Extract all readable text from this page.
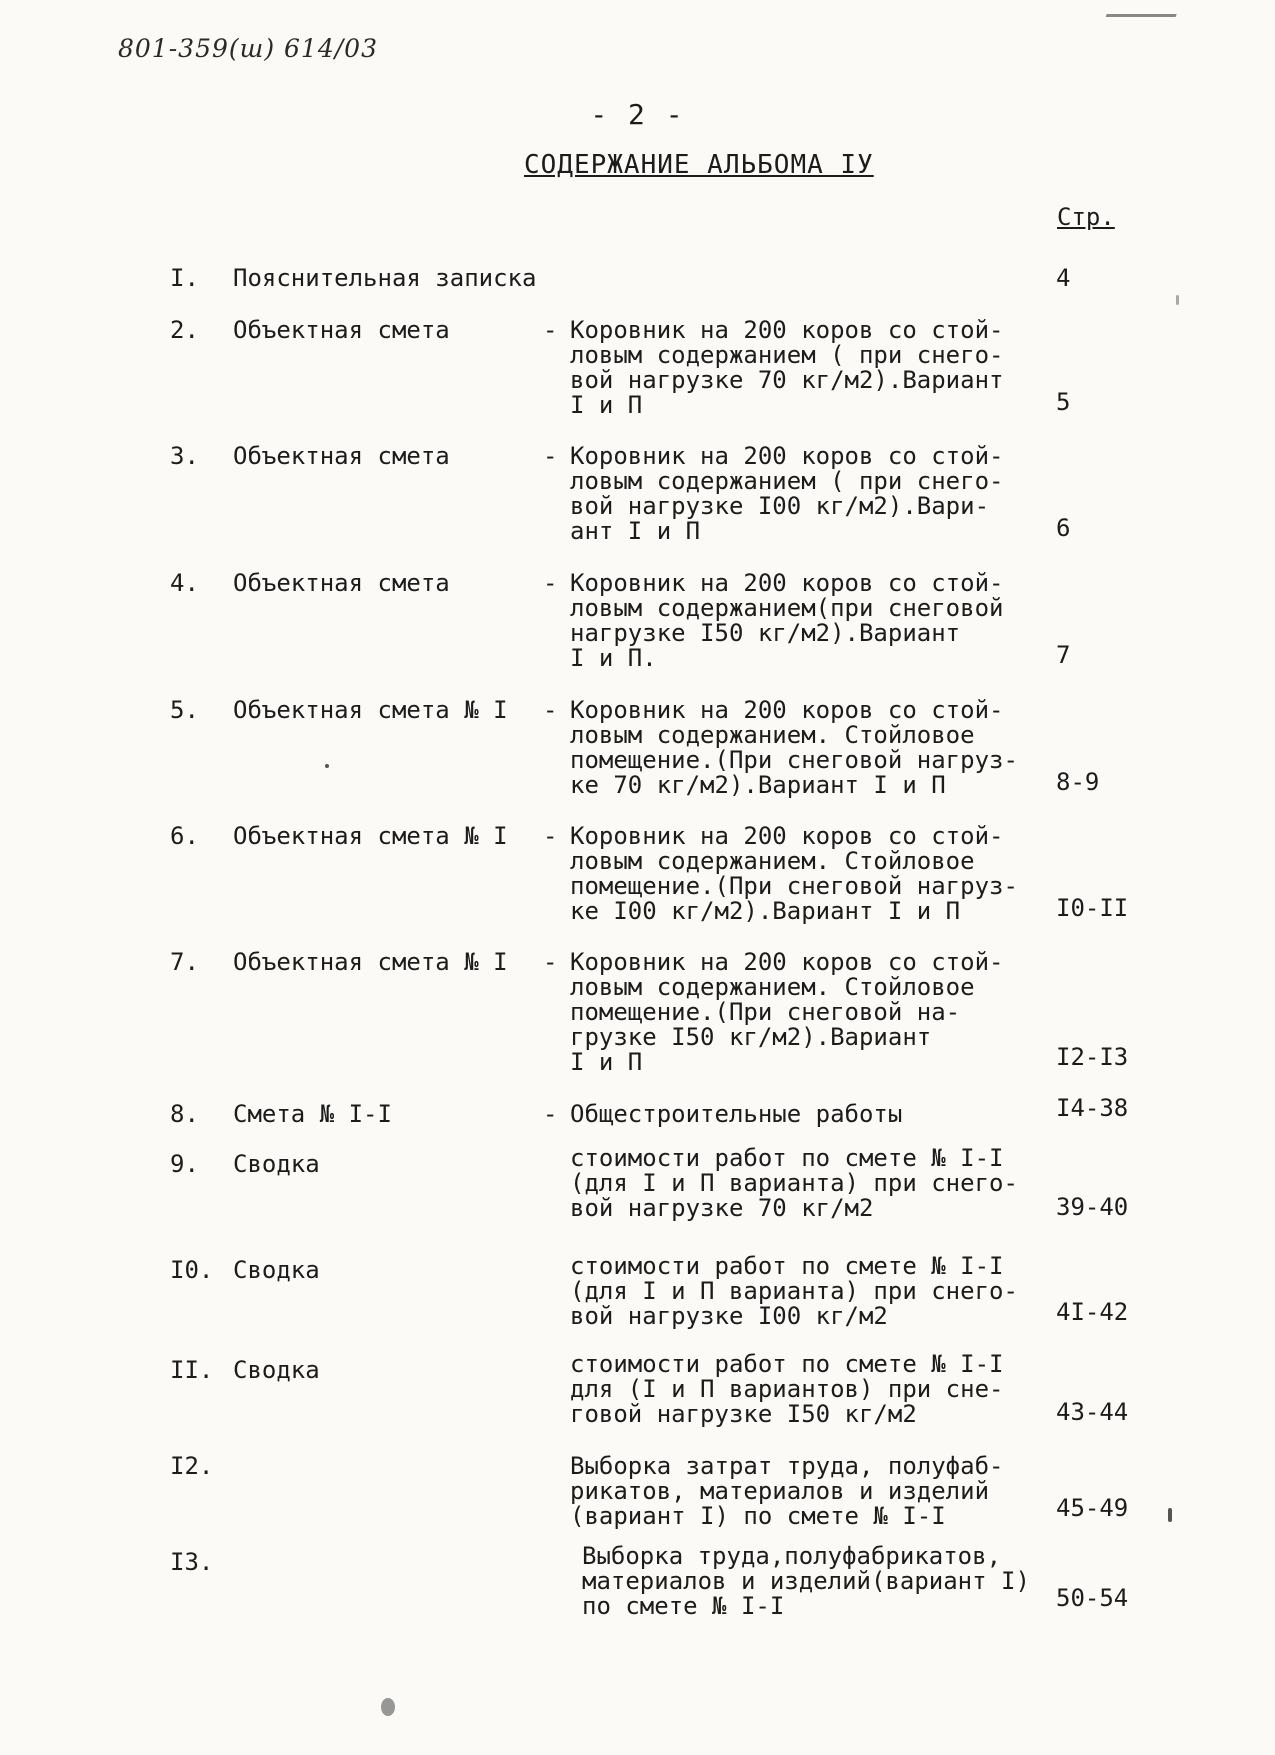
801-359(ш) 614/03
- 2 -
СОДЕРЖАНИЕ АЛЬБОМА IУ
Стр.
I. Пояснительная записка	4
2. Объектная смета	- Коровник на 200 коров со стой-
ловым содержанием ( при снего-
вой нагрузке 70 кг/м2).Вариант
I и П	5
3. Объектная смета	- Коровник на 200 коров со стой-
ловым содержанием ( при снего-
вой нагрузке I00 кг/м2).Вари-
ант I и П	6
4. Объектная смета	- Коровник на 200 коров со стой-
ловым содержанием(при снеговой
нагрузке I50 кг/м2).Вариант
I и П.	7
5. Объектная смета № I - Коровник на 200 коров со стой-
ловым содержанием. Стойловое
помещение.(При снеговой нагруз-
ке 70 кг/м2).Вариант I и П	8-9
6. Объектная смета № I - Коровник на 200 коров со стой-
ловым содержанием. Стойловое
помещение.(При снеговой нагруз-
ке I00 кг/м2).Вариант I и П	I0-II
7. Объектная смета № I - Коровник на 200 коров со стой-
ловым содержанием. Стойловое
помещение.(При снеговой на-
грузке I50 кг/м2).Вариант
I и П	I2-I3
8. Смета № I-I	- Общестроительные работы	I4-38
9. Сводка	стоимости работ по смете № I-I
(для I и П варианта) при снего-
вой нагрузке 70 кг/м2	39-40
I0. Сводка	стоимости работ по смете № I-I
(для I и П варианта) при снего-
вой нагрузке I00 кг/м2	4I-42
II. Сводка	стоимости работ по смете № I-I
для (I и П вариантов) при сне-
говой нагрузке I50 кг/м2	43-44
I2.	Выборка затрат труда, полуфаб-
рикатов, материалов и изделий
(вариант I) по смете № I-I	45-49
I3.	Выборка труда,полуфабрикатов,
материалов и изделий(вариант I)
по смете № I-I	50-54
